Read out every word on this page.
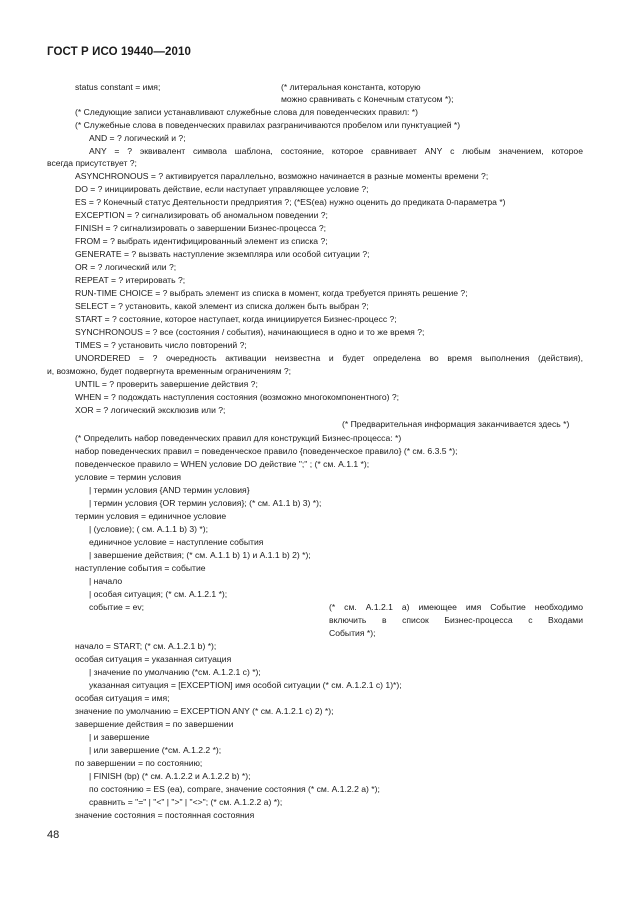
ГОСТ Р ИСО 19440—2010
status constant = имя;	(* литеральная константа, которую
можно сравнивать с Конечным статусом *);
(* Следующие записи устанавливают служебные слова для поведенческих правил: *)
(* Служебные слова в поведенческих правилах разграничиваются пробелом или пунктуацией *)
AND = ? логический и ?;
ANY = ? эквивалент символа шаблона, состояние, которое сравнивает ANY с любым значением, которое
всегда присутствует ?;
ASYNCHRONOUS = ? активируется параллельно, возможно начинается в разные моменты времени ?;
DO = ? инициировать действие, если наступает управляющее условие ?;
ES = ? Конечный статус Деятельности предприятия ?; (*ES(ea) нужно оценить до предиката 0-параметра *)
EXCEPTION = ? сигнализировать об аномальном поведении ?;
FINISH = ? сигнализировать о завершении Бизнес-процесса ?;
FROM = ? выбрать идентифицированный элемент из списка ?;
GENERATE = ? вызвать наступление экземпляра или особой ситуации ?;
OR = ? логический или ?;
REPEAT = ? итерировать ?;
RUN-TIME CHOICE = ? выбрать элемент из списка в момент, когда требуется принять решение ?;
SELECT = ? установить, какой элемент из списка должен быть выбран ?;
START = ? состояние, которое наступает, когда инициируется Бизнес-процесс ?;
SYNCHRONOUS = ? все (состояния / события), начинающиеся в одно и то же время ?;
TIMES = ? установить число повторений ?;
UNORDERED = ? очередность активации неизвестна и будет определена во время выполнения (действия),
и, возможно, будет подвергнута временным ограничениям ?;
UNTIL = ? проверить завершение действия ?;
WHEN = ? подождать наступления состояния (возможно многокомпонентного) ?;
XOR = ? логический эксклюзив или ?;
(* Предварительная информация заканчивается здесь *)
(* Определить набор поведенческих правил для конструкций Бизнес-процесса: *)
набор поведенческих правил = поведенческое правило {поведенческое правило} (* см. 6.3.5 *);
поведенческое правило = WHEN условие DO действие ";" ; (* см. A.1.1 *);
условие = термин условия
| термин условия {AND термин условия}
| термин условия {OR термин условия}; (* см. A1.1 b) 3) *);
термин условия = единичное условие
| (условие); ( см. A.1.1 b) 3) *);
единичное условие = наступление события
| завершение действия; (* см. A.1.1 b) 1) и A.1.1 b) 2) *);
наступление события = событие
| начало
| особая ситуация; (* см. A.1.2.1 *);
событие = ev;	(* см. A.1.2.1 a) имеющее имя Событие необходимо
включить в список Бизнес-процесса с Входами
События *);
начало = START; (* см. A.1.2.1 b) *);
особая ситуация = указанная ситуация
| значение по умолчанию (*см. A.1.2.1 c) *);
указанная ситуация = [EXCEPTION] имя особой ситуации (* см. A.1.2.1 c) 1)*);
особая ситуация = имя;
значение по умолчанию = EXCEPTION ANY (* см. A.1.2.1 c) 2) *);
завершение действия = по завершении
| и завершение
| или завершение (*см. A.1.2.2 *);
по завершении = по состоянию;
| FINISH (bp) (* см. A.1.2.2 и A.1.2.2 b) *);
по состоянию = ES (ea), compare, значение состояния (* см. A.1.2.2 a) *);
сравнить = "=" | "<" | ">" | "<>"; (* см. A.1.2.2 a) *);
значение состояния = постоянная состояния
48
